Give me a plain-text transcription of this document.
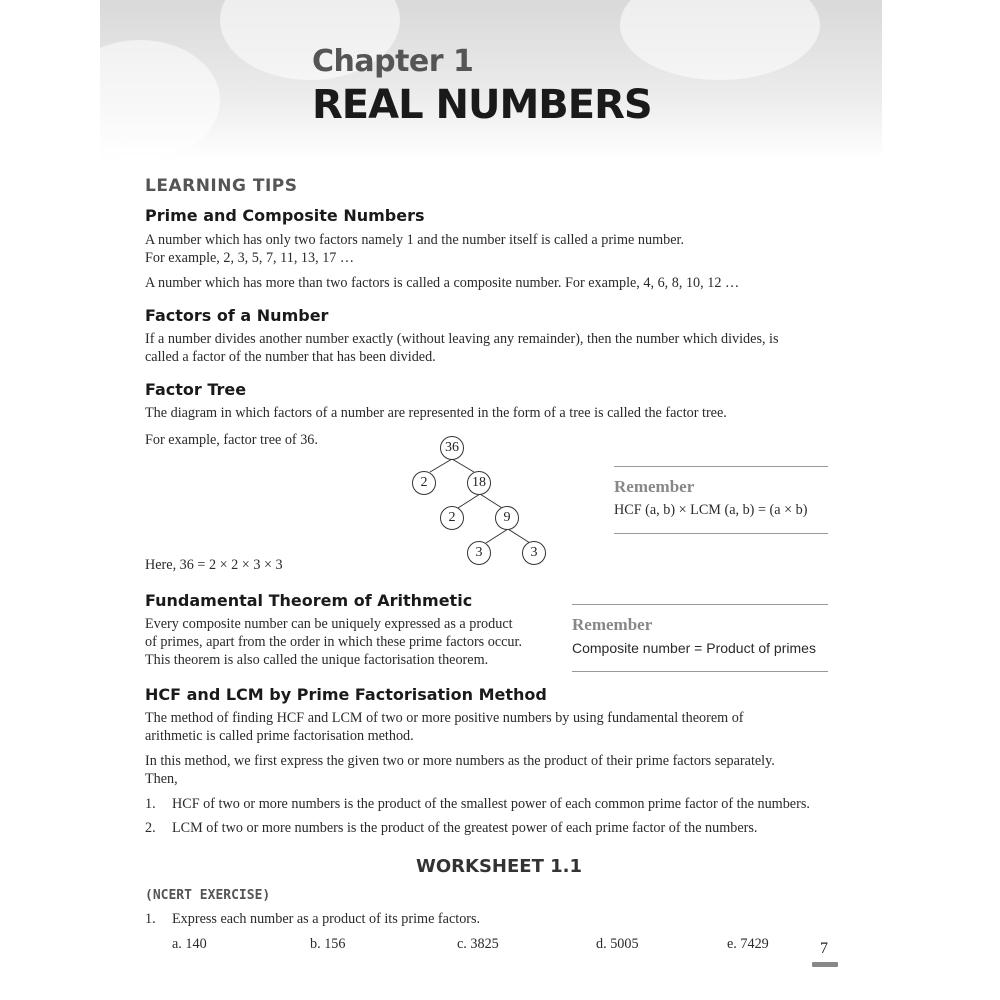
Chapter 1
REAL NUMBERS
LEARNING TIPS
Prime and Composite Numbers
A number which has only two factors namely 1 and the number itself is called a prime number.
For example, 2, 3, 5, 7, 11, 13, 17 …
A number which has more than two factors is called a composite number. For example, 4, 6, 8, 10, 12 …
Factors of a Number
If a number divides another number exactly (without leaving any remainder), then the number which divides, is
called a factor of the number that has been divided.
Factor Tree
The diagram in which factors of a number are represented in the form of a tree is called the factor tree.
For example, factor tree of 36.	36
2	18
2	9
3	3
Here, 36 = 2 × 2 × 3 × 3
Remember
HCF (a, b) × LCM (a, b) = (a × b)
Fundamental Theorem of Arithmetic
Every composite number can be uniquely expressed as a product
of primes, apart from the order in which these prime factors occur.
This theorem is also called the unique factorisation theorem.
Remember
Composite number = Product of primes
HCF and LCM by Prime Factorisation Method
The method of finding HCF and LCM of two or more positive numbers by using fundamental theorem of
arithmetic is called prime factorisation method.
In this method, we first express the given two or more numbers as the product of their prime factors separately.
Then,
1. HCF of two or more numbers is the product of the smallest power of each common prime factor of the numbers.
2. LCM of two or more numbers is the product of the greatest power of each prime factor of the numbers.
WORKSHEET 1.1
(NCERT EXERCISE)
1. Express each number as a product of its prime factors.
a. 140	b. 156	c. 3825	d. 5005	e. 7429	7
